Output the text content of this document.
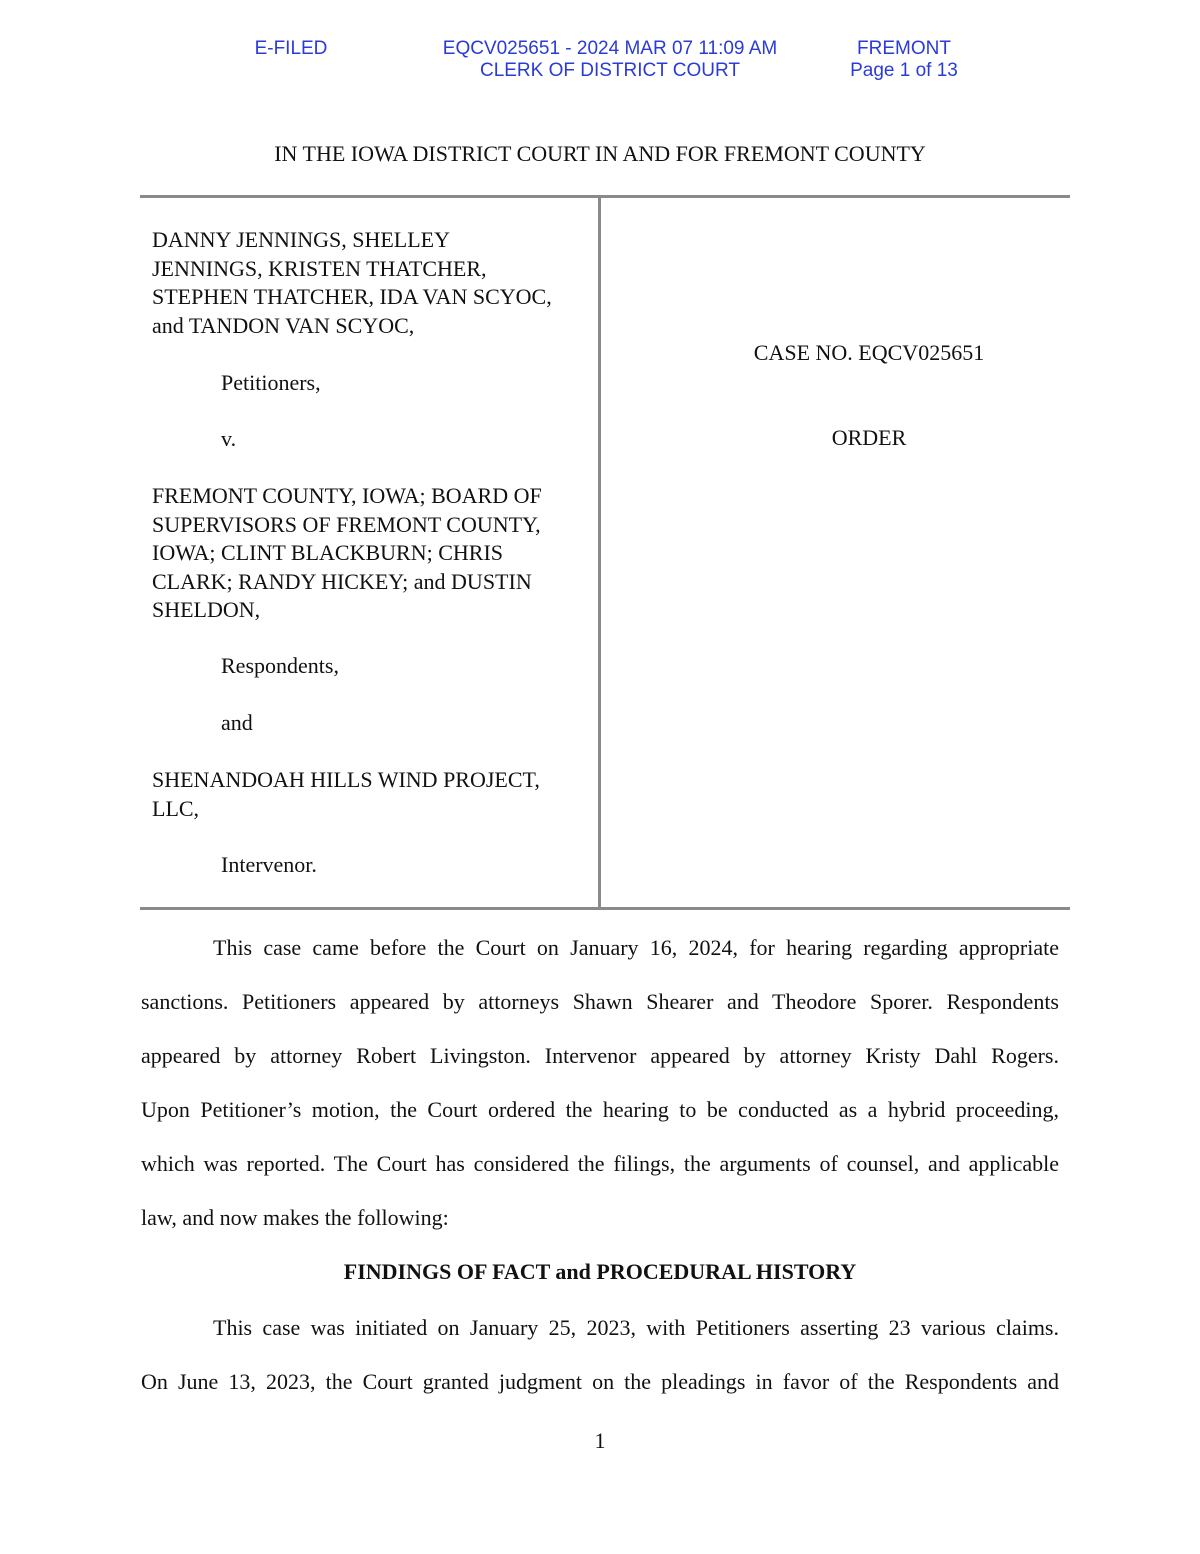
E-FILED	EQCV025651 - 2024 MAR 07 11:09 AM
CLERK OF DISTRICT COURT
FREMONT
Page 1 of 13
IN THE IOWA DISTRICT COURT IN AND FOR FREMONT COUNTY
DANNY JENNINGS, SHELLEY
JENNINGS, KRISTEN THATCHER,
STEPHEN THATCHER, IDA VAN SCYOC,
and TANDON VAN SCYOC,
Petitioners,
v.
FREMONT COUNTY, IOWA; BOARD OF
SUPERVISORS OF FREMONT COUNTY,
IOWA; CLINT BLACKBURN; CHRIS
CLARK; RANDY HICKEY; and DUSTIN
SHELDON,
Respondents,
and
SHENANDOAH HILLS WIND PROJECT,
LLC,
Intervenor.
CASE NO. EQCV025651
ORDER
This case came before the Court on January 16, 2024, for hearing regarding appropriate
sanctions. Petitioners appeared by attorneys Shawn Shearer and Theodore Sporer. Respondents
appeared by attorney Robert Livingston. Intervenor appeared by attorney Kristy Dahl Rogers.
Upon Petitioner’s motion, the Court ordered the hearing to be conducted as a hybrid proceeding,
which was reported. The Court has considered the filings, the arguments of counsel, and applicable
law, and now makes the following:
FINDINGS OF FACT and PROCEDURAL HISTORY
This case was initiated on January 25, 2023, with Petitioners asserting 23 various claims.
On June 13, 2023, the Court granted judgment on the pleadings in favor of the Respondents and
1
